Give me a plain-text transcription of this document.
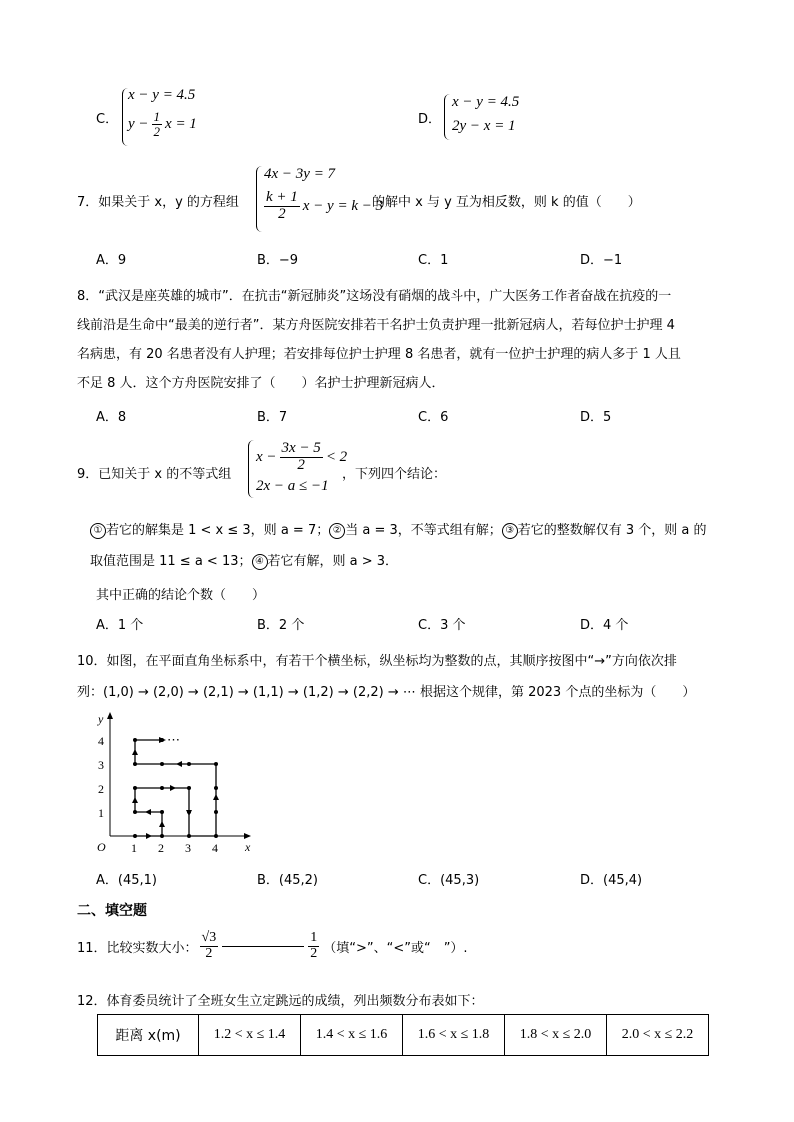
C．
x − y = 4.5
$y - \frac{1}{2}$ x = 1	D．
x − y = 4.5
2y − x = 1
7．如果关于 x，y 的方程组
4x − 3y = 7
$\frac{k + 1}{2}$ x − y = k − 3
的解中 x 与 y 互为相反数，则 k 的值（　　）
A．9	B．−9	C．1	D．−1
8．“武汉是座英雄的城市”．在抗击“新冠肺炎”这场没有硝烟的战斗中，广大医务工作者奋战在抗疫的一
线前沿是生命中“最美的逆行者”．某方舟医院安排若干名护士负责护理一批新冠病人，若每位护士护理 4
名病患，有 20 名患者没有人护理；若安排每位护士护理 8 名患者，就有一位护士护理的病人多于 1 人且
不足 8 人．这个方舟医院安排了（　　）名护士护理新冠病人．
A．8	B．7	C．6	D．5
9．已知关于 x 的不等式组
$x - \frac{3x - 5}{2} < 2$
2x − a ≤ −1
，下列四个结论：
① 若它的解集是 1 < x ≤ 3，则 a = 7； ② 当 a = 3，不等式组有解； ③ 若它的整数解仅有 3 个，则 a 的
取值范围是 11 ≤ a < 13； ④ 若它有解，则 a > 3．
其中正确的结论个数（　　）
A．1 个	B．2 个	C．3 个	D．4 个
10．如图，在平面直角坐标系中，有若干个横坐标，纵坐标均为整数的点，其顺序按图中“→”方向依次排
列：(1,0) → (2,0) → (2,1) → (1,1) → (1,2) → (2,2) → ⋯ 根据这个规律，第 2023 个点的坐标为（　　）
⋯
y
x
O 1 2 3 4
1
2
3
4
A．(45,1)	B．(45,2)	C．(45,3)	D．(45,4)
二、填空题
11．比较实数大小： $\frac{√3}{2}$	$\frac{1}{2}$ （填“>”、“<”或“　”）.
12．体育委员统计了全班女生立定跳远的成绩，列出频数分布表如下：
距离 x(m)	1.2 < x ≤ 1.4	1.4 < x ≤ 1.6	1.6 < x ≤ 1.8	1.8 < x ≤ 2.0	2.0 < x ≤ 2.2
